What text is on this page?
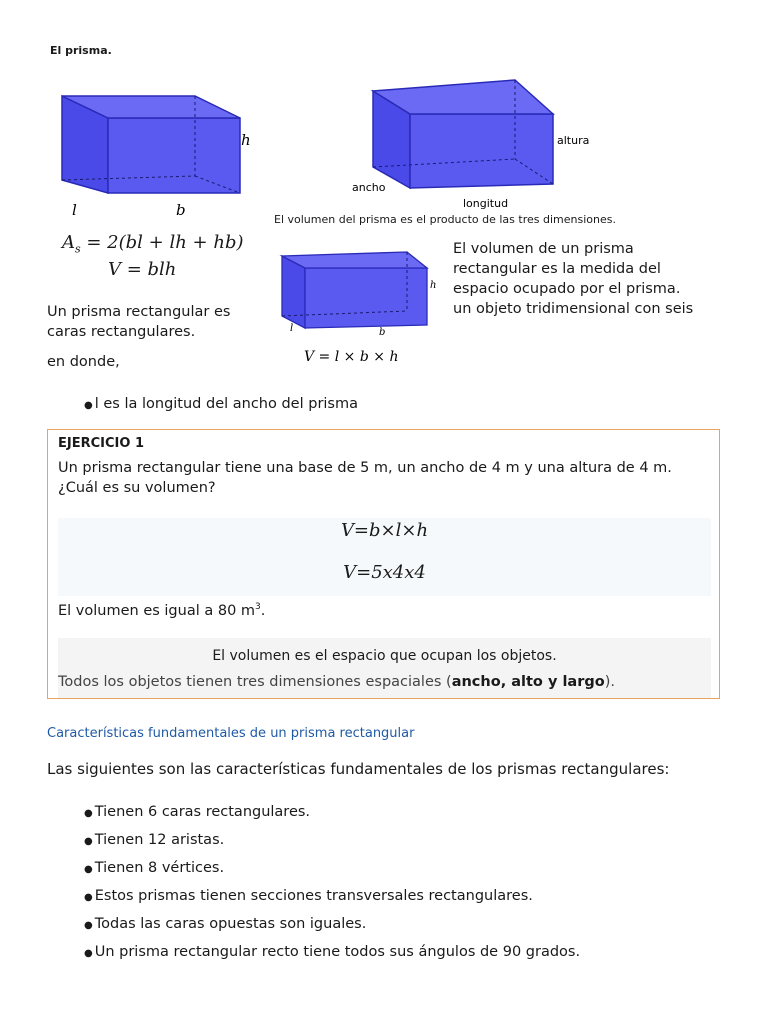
El prisma.
h
l	b
altura
ancho
longitud
El volumen del prisma es el producto de las tres dimensiones.
$A_s = 2(bl$ + lh + hb)
V = blh
h
l	b
V = l × b × h
El volumen de un prisma
rectangular es la medida del
espacio ocupado por el prisma.
un objeto tridimensional con seis
Un prisma rectangular es
caras rectangulares.
en donde,
● l es la longitud del ancho del prisma
EJERCICIO 1
Un prisma rectangular tiene una base de 5 m, un ancho de 4 m y una altura de 4 m. ¿Cuál es su volumen?
V=b×l×h
V=5x4x4
El volumen es igual a 80 $m^3$.
El volumen es el espacio que ocupan los objetos.
Todos los objetos tienen tres dimensiones espaciales (ancho, alto y largo).
Características fundamentales de un prisma rectangular
Las siguientes son las características fundamentales de los prismas rectangulares:
● Tienen 6 caras rectangulares.
● Tienen 12 aristas.
● Tienen 8 vértices.
● Estos prismas tienen secciones transversales rectangulares.
● Todas las caras opuestas son iguales.
● Un prisma rectangular recto tiene todos sus ángulos de 90 grados.
